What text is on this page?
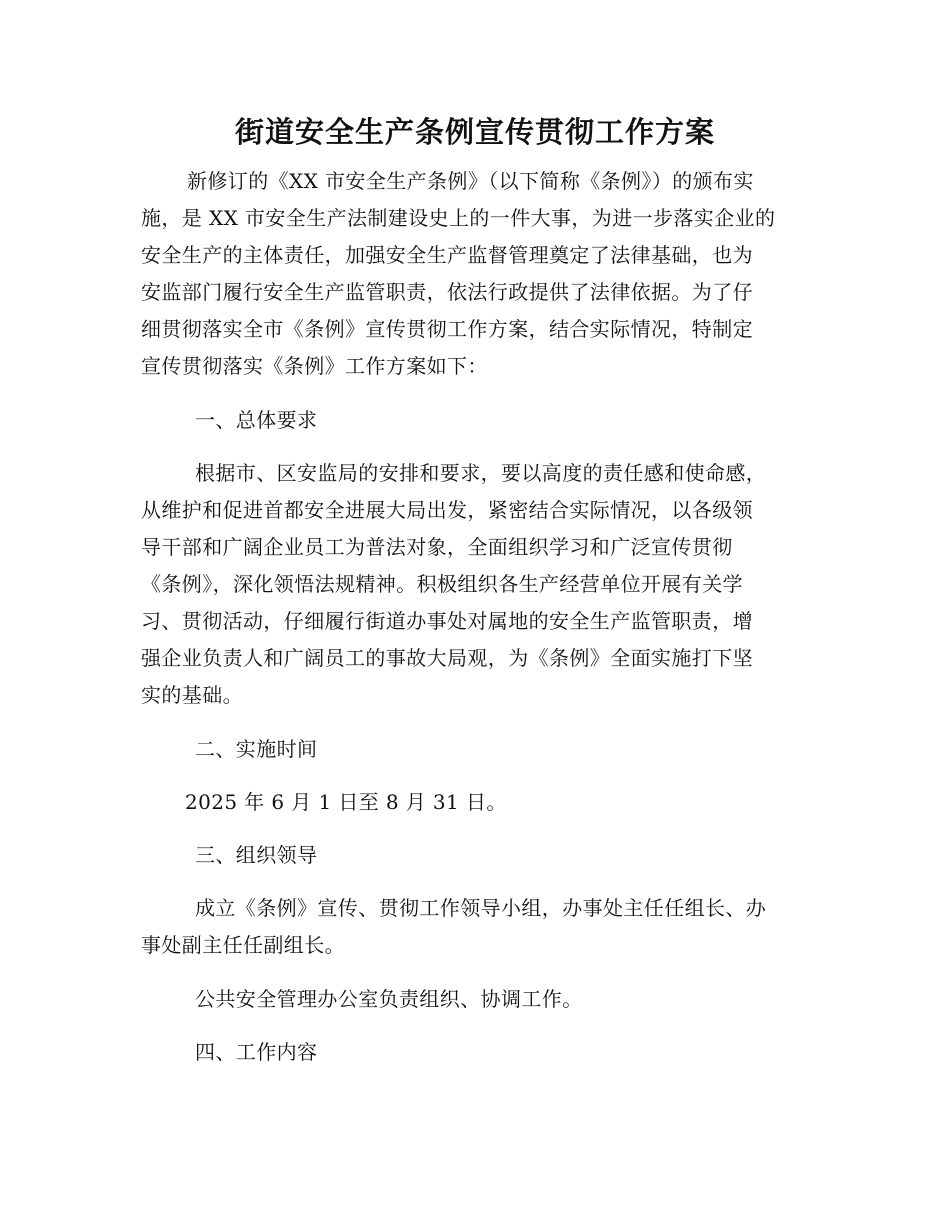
街道安全生产条例宣传贯彻工作方案
新修订的《XX 市安全生产条例》（以下简称《条例》）的颁布实
施，是 XX 市安全生产法制建设史上的一件大事，为进一步落实企业的
安全生产的主体责任，加强安全生产监督管理奠定了法律基础，也为
安监部门履行安全生产监管职责，依法行政提供了法律依据。为了仔
细贯彻落实全市《条例》宣传贯彻工作方案，结合实际情况，特制定
宣传贯彻落实《条例》工作方案如下：
一、总体要求
根据市、区安监局的安排和要求，要以高度的责任感和使命感，
从维护和促进首都安全进展大局出发，紧密结合实际情况，以各级领
导干部和广阔企业员工为普法对象，全面组织学习和广泛宣传贯彻
《条例》，深化领悟法规精神。积极组织各生产经营单位开展有关学
习、贯彻活动，仔细履行街道办事处对属地的安全生产监管职责，增
强企业负责人和广阔员工的事故大局观，为《条例》全面实施打下坚
实的基础。
二、实施时间
2025 年 6 月 1 日至 8 月 31 日。
三、组织领导
成立《条例》宣传、贯彻工作领导小组，办事处主任任组长、办
事处副主任任副组长。
公共安全管理办公室负责组织、协调工作。
四、工作内容
